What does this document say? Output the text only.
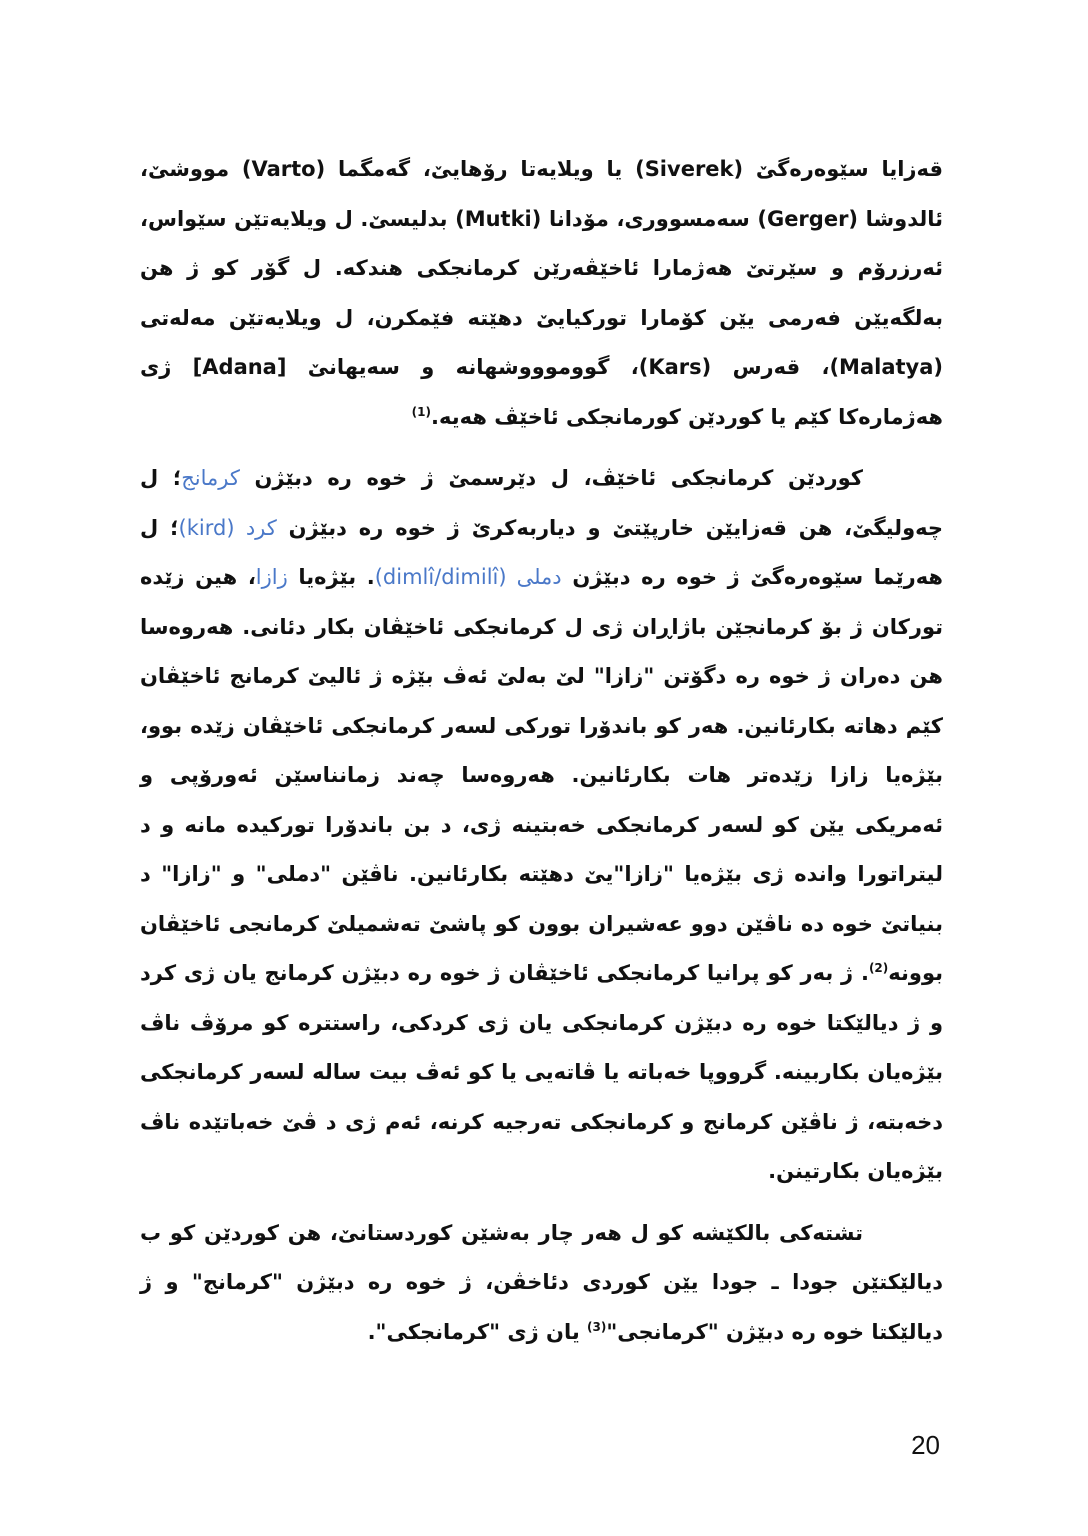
قەزایا سێوەرەگێ (Siverek) یا ویلایەتا رۆهایێ، گەمگما (Varto) مووشێ، ئالدوشا (Gerger) سەمسووری، مۆدانا (Mutki) بدلیسێ. ل ویلایەتێن سێواس، ئەرزرۆم و سێرتێ هەژمارا ئاخێڤەرێن کرمانجکی هندکە. ل گۆر کو ژ هن بەلگەیێن فەرمی یێن کۆمارا تورکیایێ دهێتە فێمکرن، ل ویلایەتێن مەلەتی (Malatya)، قەرس (Kars)، گووموووشهانە و سەیهانێ [Adana] ژی هەژمارەکا کێم یا کوردێن کورمانجکی ئاخێڤ هەیە.$^{(1)}$

کوردێن کرمانجکی ئاخێڤ، ل دێرسمێ ژ خوە رە دبێژن کرمانج؛ ل چەولیگێ، هن قەزایێن خارپێتێ و دیاربەکرێ ژ خوە رە دبێژن کرد (kird)؛ ل هەرێما سێوەرەگێ ژ خوە رە دبێژن دملی (dimlî/dimilî). بێژەیا زازا، هین زێدە تورکان ژ بۆ کرمانجێن باژاڕان ژی ل کرمانجکی ئاخێڤان بکار دئانی. هەروەسا هن دەران ژ خوە رە دگۆتن "زازا" لێ بەلێ ئەڤ بێژە ژ ئالیێ کرمانج ئاخێڤان کێم دهاتە بکارئانین. هەر کو باندۆرا تورکی لسەر کرمانجکی ئاخێڤان زێدە بوو، بێژەیا زازا زێدەتر هات بکارئانین. هەروەسا چەند زمانناسێن ئەورۆپی و ئەمریکی یێن کو لسەر کرمانجکی خەبتینە ژی، د بن باندۆرا تورکیدە مانە و د لیتراتورا واندە ژی بێژەیا "زازا"یێ دهێتە بکارئانین. ناڤێن "دملی" و "زازا" د بنیاتێ خوە دە ناڤێن دوو عەشیران بوون کو پاشێ تەشمیلێ کرمانجی ئاخێڤان بوونە$^{(2)}$. ژ بەر کو پرانیا کرمانجکی ئاخێڤان ژ خوە رە دبێژن کرمانج یان ژی کرد و ژ دیالێکتا خوە رە دبێژن کرمانجکی یان ژی کردکی، راستترە کو مرۆڤ ناڤ بێژەیان بکاربینە. گرووپا خەباتە یا ڤاتەیی یا کو ئەڤ بیت سالە لسەر کرمانجکی دخەبتە، ژ ناڤێن کرمانج و کرمانجکی تەرجیە کرنە، ئەم ژی د ڤێ خەباتێدە ناڤ بێژەیان بکارتینن.

تشتەکی بالکێشە کو ل هەر چار بەشێن کوردستانێ، هن کوردێن کو ب دیالێکتێن جودا ـ جودا یێن کوردی دئاخڤن، ژ خوە رە دبێژن "کرمانج" و ژ دیالێکتا خوە رە دبێژن "کرمانجی"$^{(3)}$ یان ژی "کرمانجکی".

20
